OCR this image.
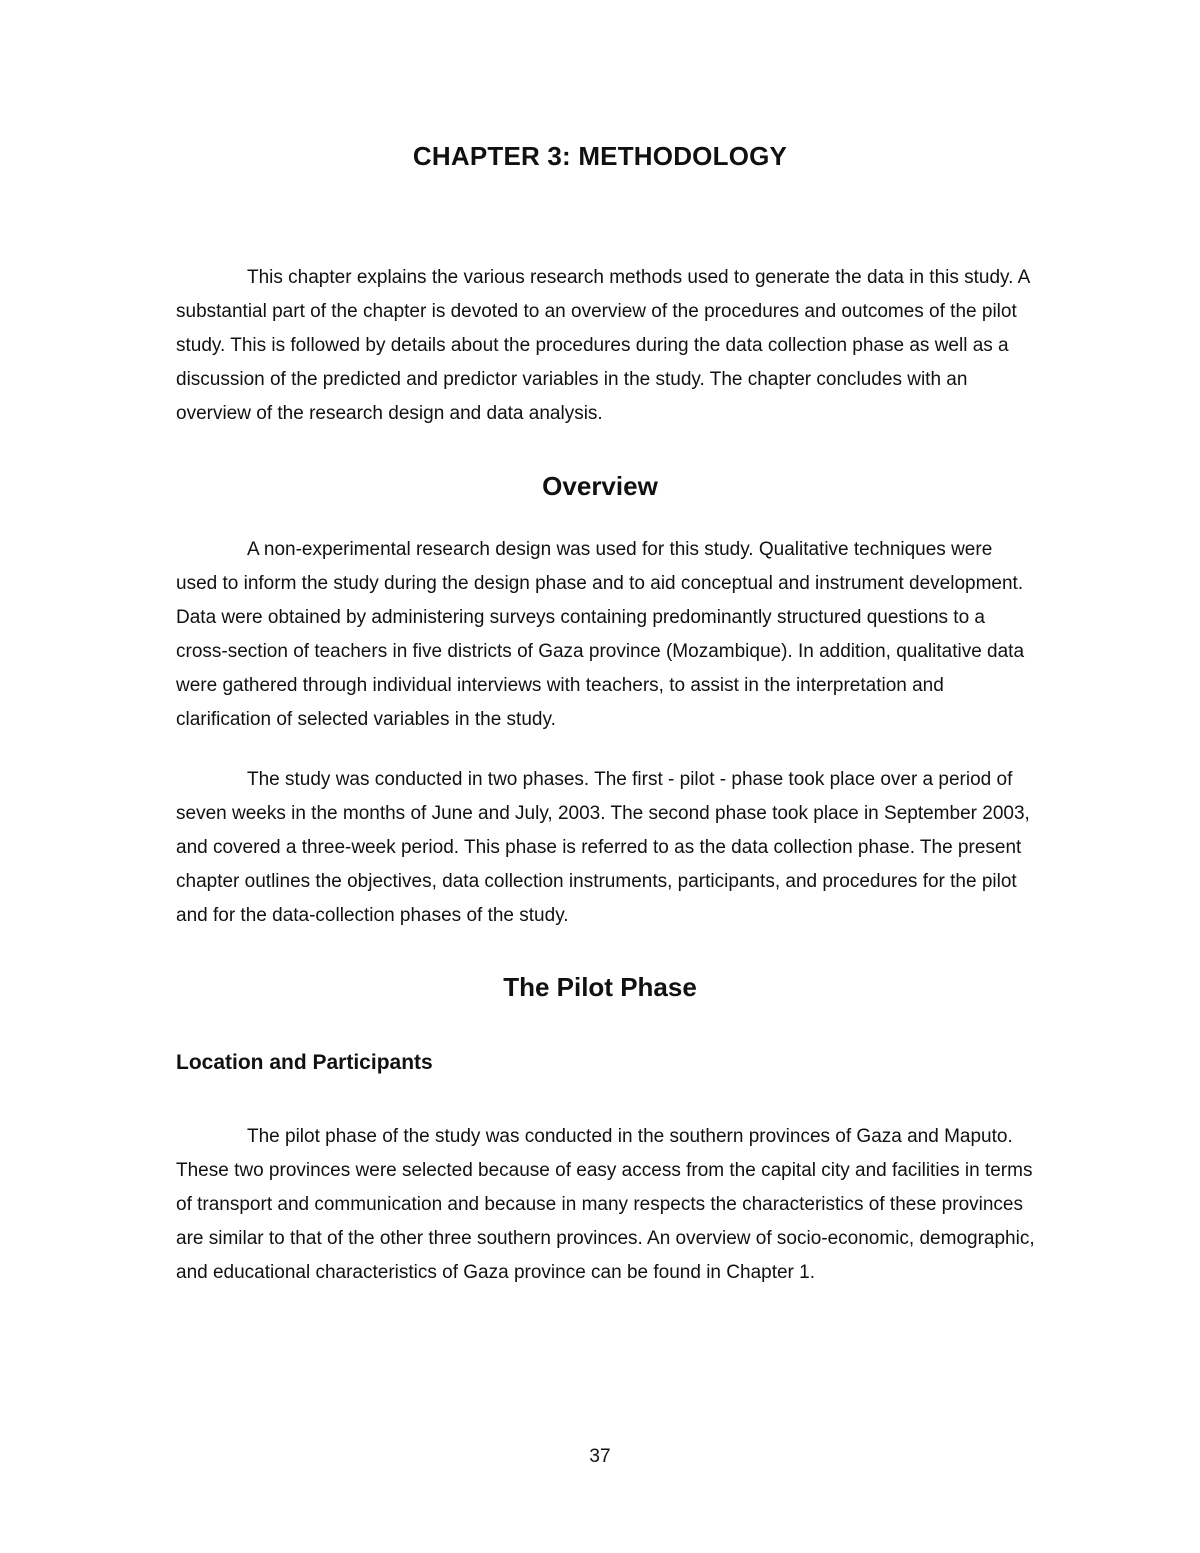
CHAPTER 3: METHODOLOGY

This chapter explains the various research methods used to generate the data in this study. A substantial part of the chapter is devoted to an overview of the procedures and outcomes of the pilot study. This is followed by details about the procedures during the data collection phase as well as a discussion of the predicted and predictor variables in the study. The chapter concludes with an overview of the research design and data analysis.

Overview

A non-experimental research design was used for this study. Qualitative techniques were used to inform the study during the design phase and to aid conceptual and instrument development. Data were obtained by administering surveys containing predominantly structured questions to a cross-section of teachers in five districts of Gaza province (Mozambique). In addition, qualitative data were gathered through individual interviews with teachers, to assist in the interpretation and clarification of selected variables in the study.

The study was conducted in two phases. The first - pilot - phase took place over a period of seven weeks in the months of June and July, 2003. The second phase took place in September 2003, and covered a three-week period. This phase is referred to as the data collection phase. The present chapter outlines the objectives, data collection instruments, participants, and procedures for the pilot and for the data-collection phases of the study.

The Pilot Phase
Location and Participants

The pilot phase of the study was conducted in the southern provinces of Gaza and Maputo. These two provinces were selected because of easy access from the capital city and facilities in terms of transport and communication and because in many respects the characteristics of these provinces are similar to that of the other three southern provinces. An overview of socio-economic, demographic, and educational characteristics of Gaza province can be found in Chapter 1.

37
